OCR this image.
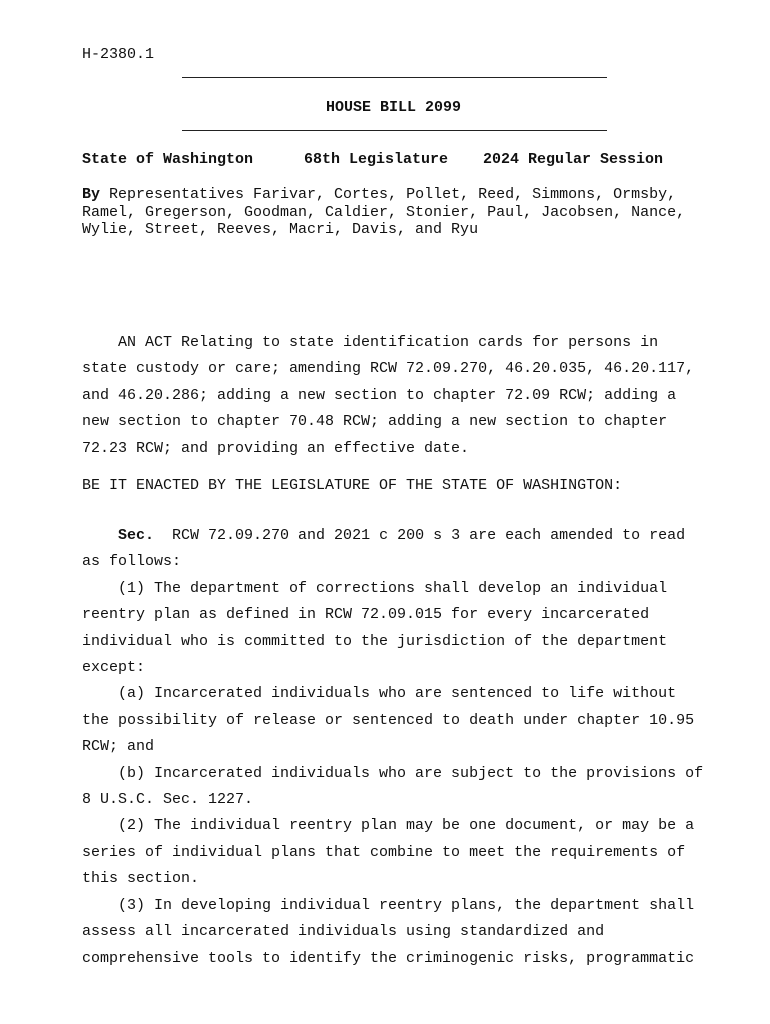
H-2380.1
HOUSE BILL 2099
State of Washington	68th Legislature 2024 Regular Session
By Representatives Farivar, Cortes, Pollet, Reed, Simmons, Ormsby,
Ramel, Gregerson, Goodman, Caldier, Stonier, Paul, Jacobsen, Nance,
Wylie, Street, Reeves, Macri, Davis, and Ryu
AN ACT Relating to state identification cards for persons in
state custody or care; amending RCW 72.09.270, 46.20.035, 46.20.117,
and 46.20.286; adding a new section to chapter 72.09 RCW; adding a
new section to chapter 70.48 RCW; adding a new section to chapter
72.23 RCW; and providing an effective date.
BE IT ENACTED BY THE LEGISLATURE OF THE STATE OF WASHINGTON:
Sec.  RCW 72.09.270 and 2021 c 200 s 3 are each amended to read
as follows:
(1) The department of corrections shall develop an individual
reentry plan as defined in RCW 72.09.015 for every incarcerated
individual who is committed to the jurisdiction of the department
except:
(a) Incarcerated individuals who are sentenced to life without
the possibility of release or sentenced to death under chapter 10.95
RCW; and
(b) Incarcerated individuals who are subject to the provisions of
8 U.S.C. Sec. 1227.
(2) The individual reentry plan may be one document, or may be a
series of individual plans that combine to meet the requirements of
this section.
(3) In developing individual reentry plans, the department shall
assess all incarcerated individuals using standardized and
comprehensive tools to identify the criminogenic risks, programmatic
